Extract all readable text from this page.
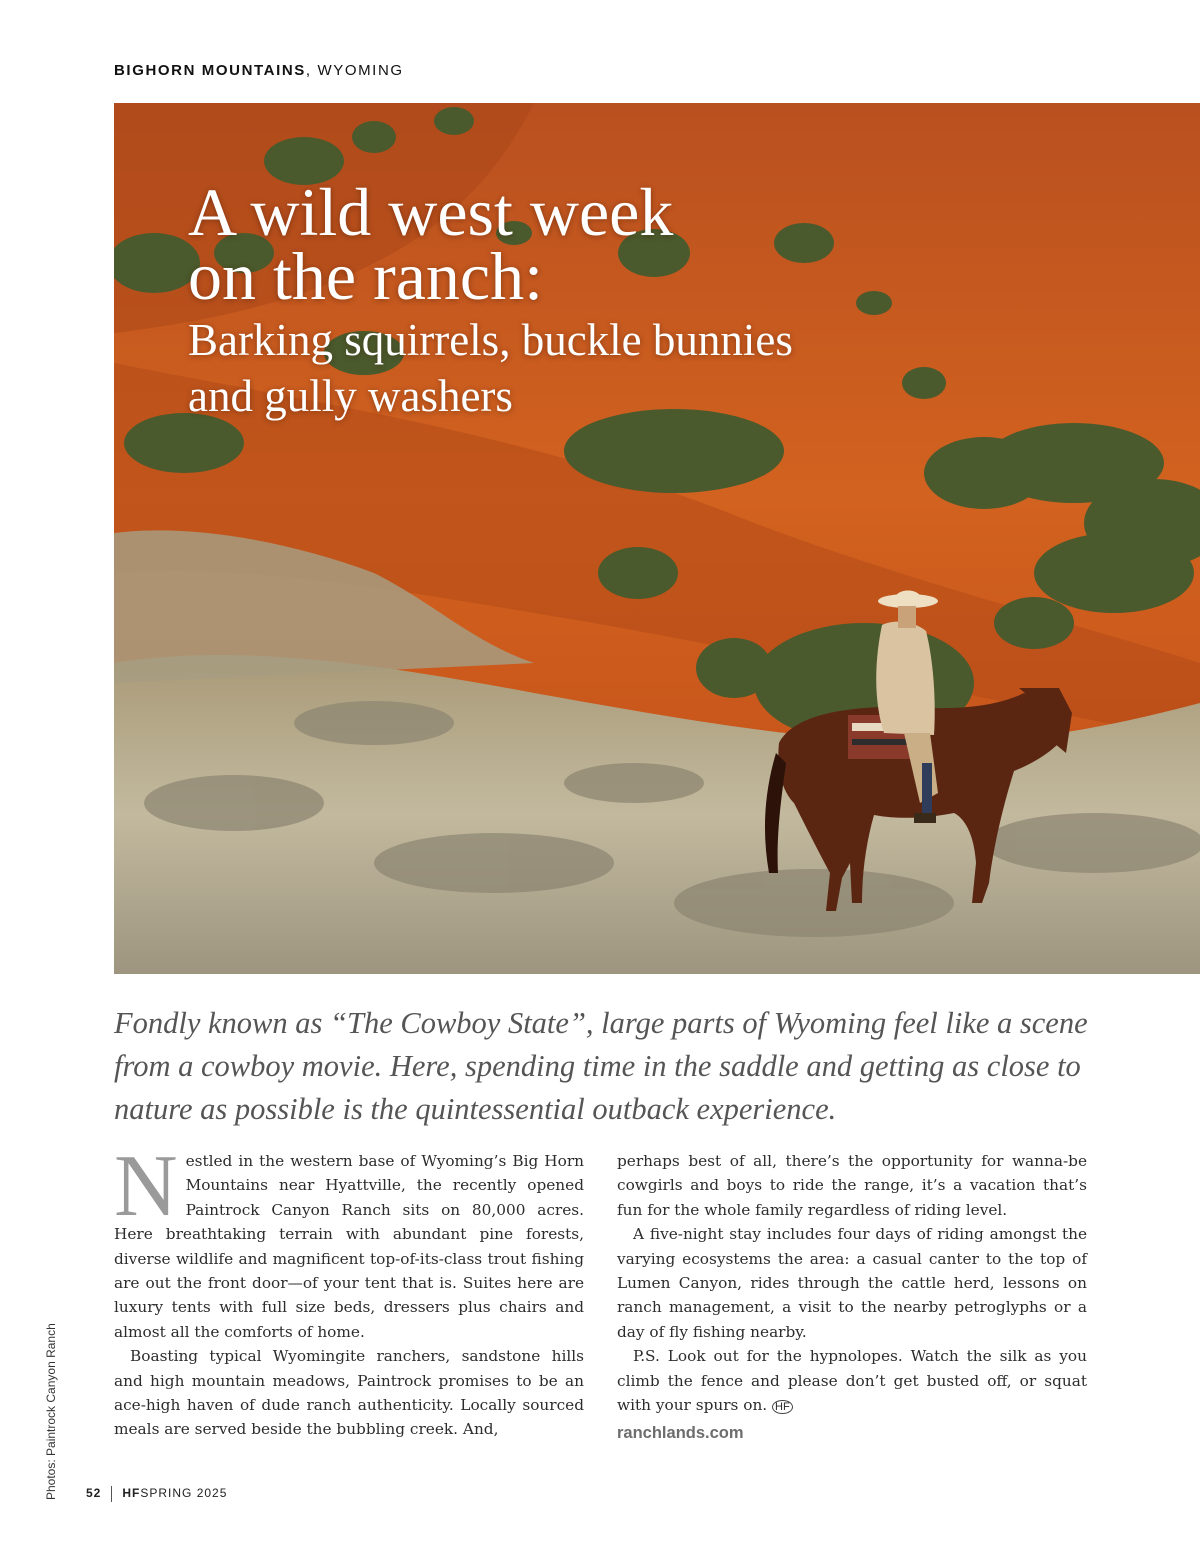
BIGHORN MOUNTAINS, WYOMING
A wild west week
on the ranch:
Barking squirrels, buckle bunnies
and gully washers
Fondly known as “The Cowboy State”, large parts of Wyoming feel like a scene from a cowboy movie. Here, spending time in the saddle and getting as close to nature as possible is the quintessential outback experience.

Nestled in the western base of Wyoming’s Big Horn Mountains near Hyattville, the recently opened Paintrock Canyon Ranch sits on 80,000 acres. Here breathtaking terrain with abundant pine forests, diverse wildlife and magnificent top-of-its-class trout fishing are out the front door—of your tent that is. Suites here are luxury tents with full size beds, dressers plus chairs and almost all the comforts of home.

Boasting typical Wyomingite ranchers, sandstone hills and high mountain meadows, Paintrock promises to be an ace-high haven of dude ranch authenticity. Locally sourced meals are served beside the bubbling creek. And,

perhaps best of all, there’s the opportunity for wanna-be cowgirls and boys to ride the range, it’s a vacation that’s fun for the whole family regardless of riding level.

A five-night stay includes four days of riding amongst the varying ecosystems the area: a casual canter to the top of Lumen Canyon, rides through the cattle herd, lessons on ranch management, a visit to the nearby petroglyphs or a day of fly fishing nearby.

P.S. Look out for the hypnolopes. Watch the silk as you climb the fence and please don’t get busted off, or squat with your spurs on. HF

ranchlands.com
Photos: Paintrock Canyon Ranch 52 HFSPRING 2025
